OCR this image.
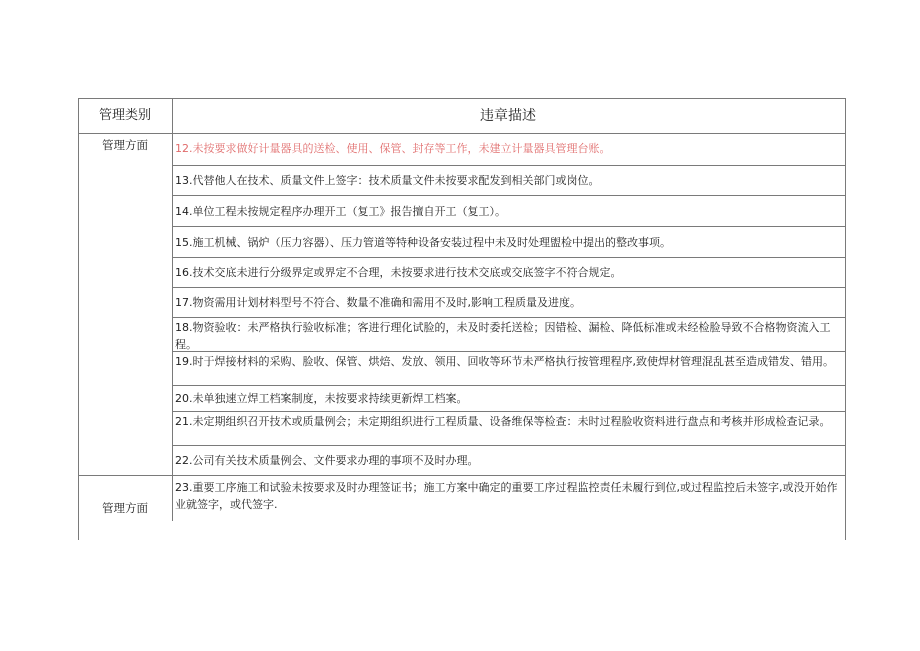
管理类别	违章描述
管理方面	12.未按要求做好计量器具的送检、使用、保管、封存等工作，未建立计量器具管理台账。
13.代替他人在技术、质量文件上签字：技术质量文件未按要求配发到相关部门或岗位。
14.单位工程未按规定程序办理开工（复工》报告擅自开工（复工）。
15.施工机械、锅炉（压力容器）、压力管道等特种设备安装过程中未及时处理盥检中提出的整改事项。
16.技术交底未进行分级界定或界定不合理，未按要求进行技术交底或交底签字不符合规定。
17.物资需用计划材料型号不符合、数量不准确和需用不及时,影响工程质量及进度。
18.物资验收：未严格执行验收标准；客进行理化试脸的，未及时委托送检；因错检、漏检、降低标准或未经检脸导致不合格物资流入工程。
19.时于焊接材料的采购、脸收、保管、烘焙、发放、领用、回收等环节未严格执行按管理程序,致使焊材管理混乱甚至造成错发、错用。
20.未单独速立焊工档案制度，未按要求持续更新焊工档案。
21.未定期组织召开技术或质量例会；未定期组织进行工程质量、设备维保等检查：未时过程脸收资料进行盘点和考核并形成检查记录。
22.公司有关技术质量例会、文件要求办理的事项不及时办理。
管理方面
23.重要工序施工和试验未按要求及时办理签证书；施工方案中确定的重要工序过程监控责任未履行到位,或过程监控后未签字,或没开始作业就签字，或代签字.
